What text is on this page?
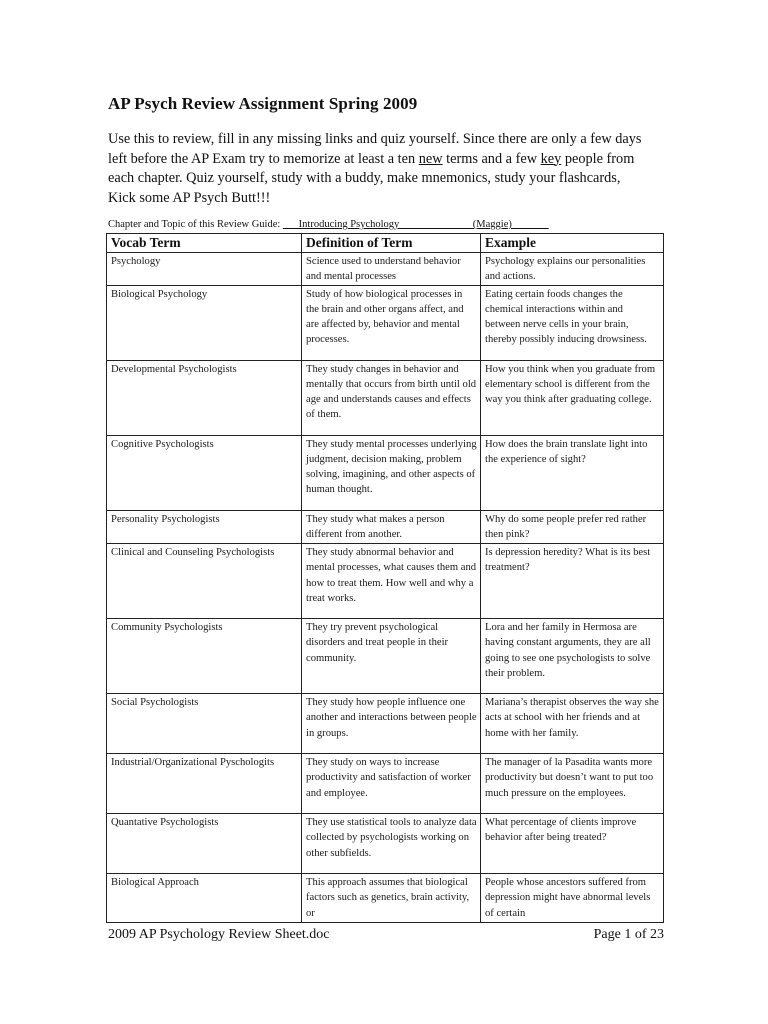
AP Psych Review Assignment Spring 2009
Use this to review, fill in any missing links and quiz yourself. Since there are only a few days left before the AP Exam try to memorize at least a ten new terms and a few key people from each chapter. Quiz yourself, study with a buddy, make mnemonics, study your flashcards, Kick some AP Psych Butt!!!
Chapter and Topic of this Review Guide: ___Introducing Psychology______________(Maggie)_______
Vocab Term	Definition of Term	Example
Psychology	Science used to understand behavior and mental processes	Psychology explains our personalities and actions.
Biological Psychology	Study of how biological processes in the brain and other organs affect, and are affected by, behavior and mental processes.	Eating certain foods changes the chemical interactions within and between nerve cells in your brain, thereby possibly inducing drowsiness.
Developmental Psychologists	They study changes in behavior and mentally that occurs from birth until old age and understands causes and effects of them.	How you think when you graduate from elementary school is different from the way you think after graduating college.
Cognitive Psychologists	They study mental processes underlying judgment, decision making, problem solving, imagining, and other aspects of human thought.	How does the brain translate light into the experience of sight?
Personality Psychologists	They study what makes a person different from another.	Why do some people prefer red rather then pink?
Clinical and Counseling Psychologists	They study abnormal behavior and mental processes, what causes them and how to treat them. How well and why a treat works.	Is depression heredity? What is its best treatment?
Community Psychologists	They try prevent psychological disorders and treat people in their community.	Lora and her family in Hermosa are having constant arguments, they are all going to see one psychologists to solve their problem.
Social Psychologists	They study how people influence one another and interactions between people in groups.	Mariana’s therapist observes the way she acts at school with her friends and at home with her family.
Industrial/Organizational Pyschologits	They study on ways to increase productivity and satisfaction of worker and employee.	The manager of la Pasadita wants more productivity but doesn’t want to put too much pressure on the employees.
Quantative Psychologists	They use statistical tools to analyze data collected by psychologists working on other subfields.	What percentage of clients improve behavior after being treated?
Biological Approach	This approach assumes that biological factors such as genetics, brain activity, or	People whose ancestors suffered from depression might have abnormal levels of certain
2009 AP Psychology Review Sheet.doc	Page 1 of 23
